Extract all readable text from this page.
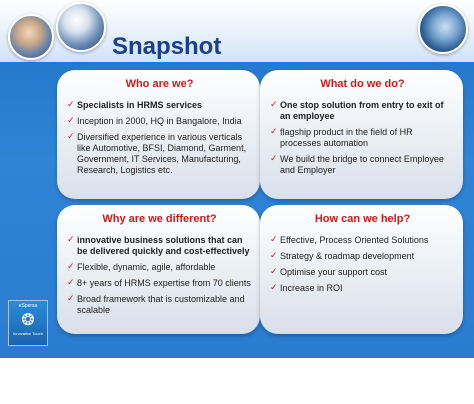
Snapshot
Who are we?
✓ Specialists in HRMS services
✓ Inception in 2000, HQ in Bangalore, India
✓ Diversified experience in various verticals like Automotive, BFSI, Diamond, Garment, Government, IT Services, Manufacturing, Research, Logistics etc.
What do we do?
✓ One stop solution from entry to exit of an employee
✓ flagship product in the field of HR processes automation
✓ We build the bridge to connect Employee and Employer
Why are we different?
✓ innovative business solutions that can be delivered quickly and cost-effectively
✓ Flexible, dynamic, agile, affordable
✓ 8+ years of HRMS expertise from 70 clients
✓ Broad framework that is customizable and scalable
How can we help?
✓ Effective, Process Oriented Solutions
✓ Strategy & roadmap development
✓ Optimise your support cost
✓ Increase in ROI
eSpersa
❂
Innovative Touch
